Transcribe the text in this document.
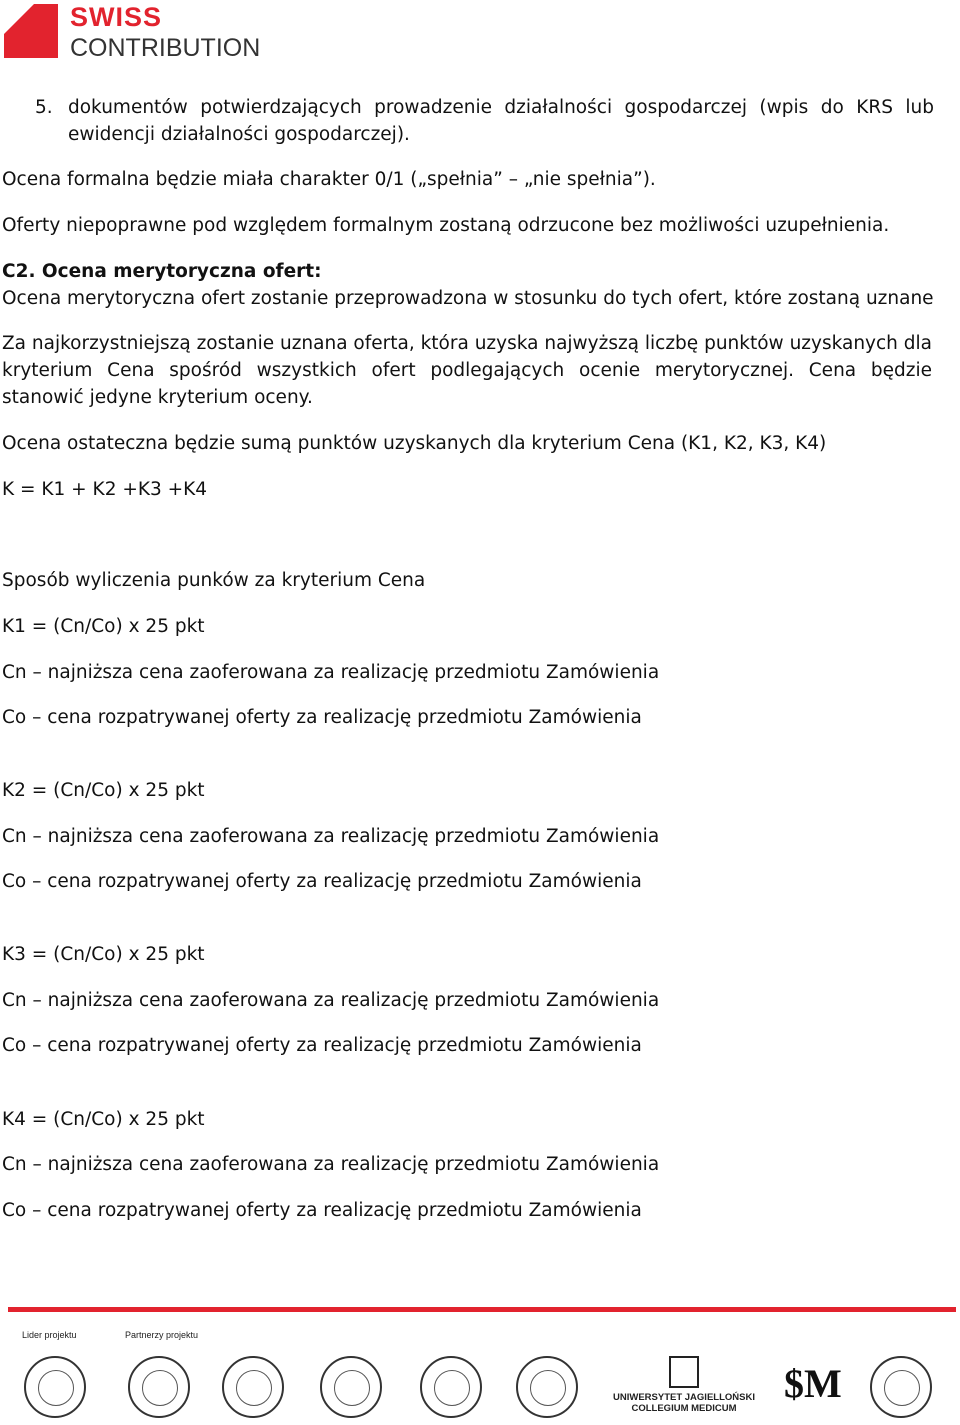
SWISS
CONTRIBUTION
5. dokumentów potwierdzających prowadzenie działalności gospodarczej (wpis do KRS lub ewidencji działalności gospodarczej).
Ocena formalna będzie miała charakter 0/1 („spełnia” – „nie spełnia”).
Oferty niepoprawne pod względem formalnym zostaną odrzucone bez możliwości uzupełnienia.
C2. Ocena merytoryczna ofert:
Ocena merytoryczna ofert zostanie przeprowadzona w stosunku do tych ofert, które zostaną uznane
Za najkorzystniejszą zostanie uznana oferta, która uzyska najwyższą liczbę punktów uzyskanych dla kryterium Cena spośród wszystkich ofert podlegających ocenie merytorycznej. Cena będzie stanowić jedyne kryterium oceny.
Ocena ostateczna będzie sumą punktów uzyskanych dla kryterium Cena (K1, K2, K3, K4)
K = K1 + K2 +K3 +K4
Sposób wyliczenia punków za kryterium Cena
K1 = (Cn/Co) x 25 pkt
Cn – najniższa cena zaoferowana za realizację przedmiotu Zamówienia
Co – cena rozpatrywanej oferty za realizację przedmiotu Zamówienia
K2 = (Cn/Co) x 25 pkt
Cn – najniższa cena zaoferowana za realizację przedmiotu Zamówienia
Co – cena rozpatrywanej oferty za realizację przedmiotu Zamówienia
K3 = (Cn/Co) x 25 pkt
Cn – najniższa cena zaoferowana za realizację przedmiotu Zamówienia
Co – cena rozpatrywanej oferty za realizację przedmiotu Zamówienia
K4 = (Cn/Co) x 25 pkt
Cn – najniższa cena zaoferowana za realizację przedmiotu Zamówienia
Co – cena rozpatrywanej oferty za realizację przedmiotu Zamówienia
Lider projektu	Partnerzy projektu
UNIWERSYTET JAGIELLOŃSKI
COLLEGIUM MEDICUM
$M
